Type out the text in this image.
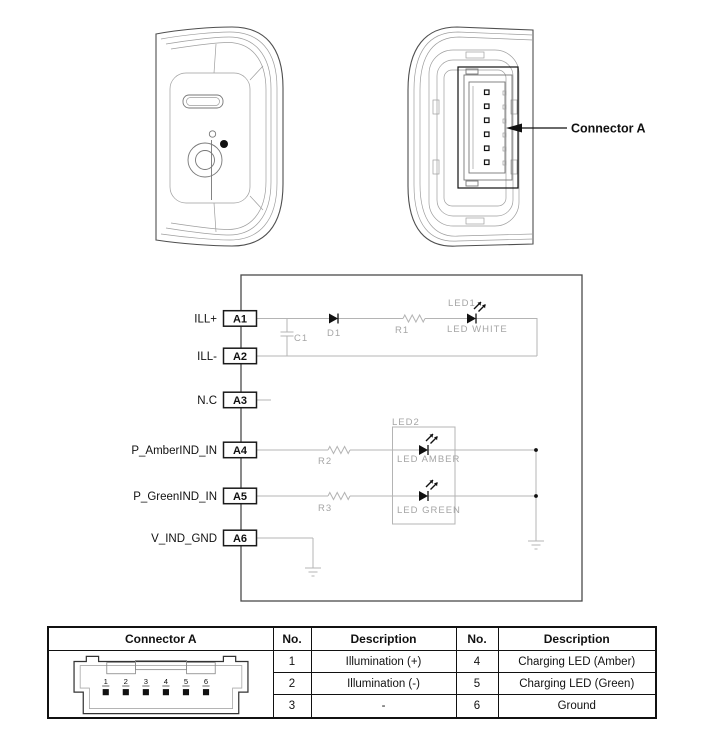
Connector A
C1 D1	R1
LED1
LED WHITE
LED2
R2	LED AMBER
R3	LED GREEN
A1
ILL+
A2
ILL-
A3
N.C
A4
P_AmberIND_IN
A5
P_GreenIND_IN
A6
V_IND_GND
Connector A	No.	Description	No.	Description

1 2 3 4 5 6
	1	Illumination (+)	4	Charging LED (Amber)
	2	Illumination (-)	5	Charging LED (Green)
	3	-	6	Ground
